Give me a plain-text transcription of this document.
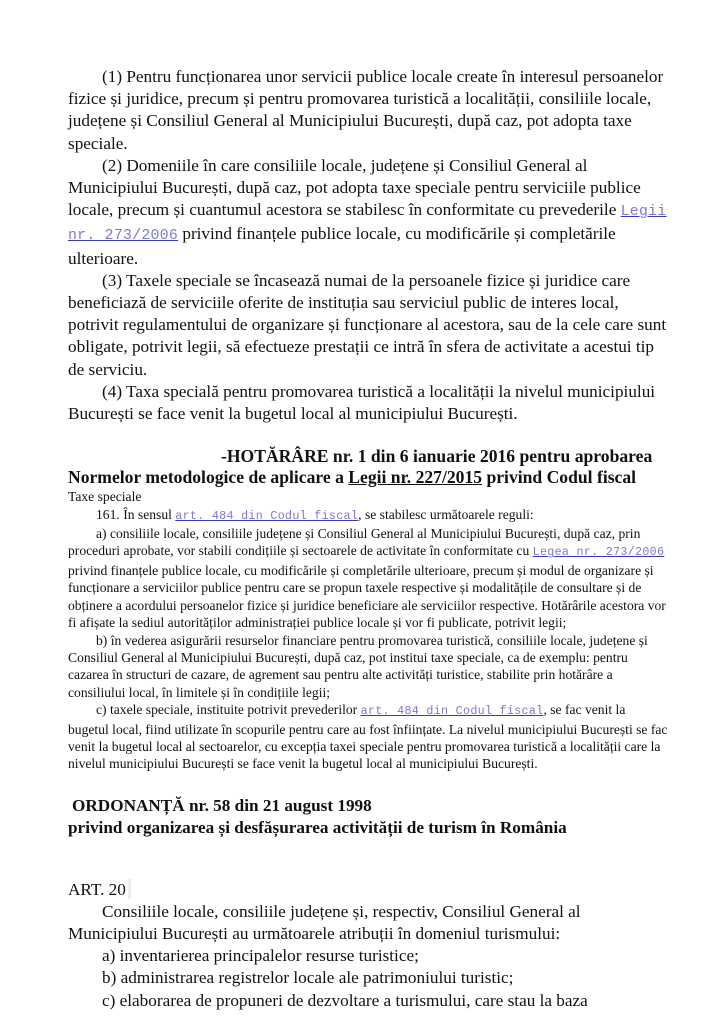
(1) Pentru funcționarea unor servicii publice locale create în interesul persoanelor fizice și juridice, precum și pentru promovarea turistică a localității, consiliile locale, județene și Consiliul General al Municipiului București, după caz, pot adopta taxe speciale.

(2) Domeniile în care consiliile locale, județene și Consiliul General al Municipiului București, după caz, pot adopta taxe speciale pentru serviciile publice locale, precum și cuantumul acestora se stabilesc în conformitate cu prevederile Legii nr. 273/2006 privind finanțele publice locale, cu modificările și completările ulterioare.

(3) Taxele speciale se încasează numai de la persoanele fizice și juridice care beneficiază de serviciile oferite de instituția sau serviciul public de interes local, potrivit regulamentului de organizare și funcționare al acestora, sau de la cele care sunt obligate, potrivit legii, să efectueze prestații ce intră în sfera de activitate a acestui tip de serviciu.

(4) Taxa specială pentru promovarea turistică a localității la nivelul municipiului București se face venit la bugetul local al municipiului București.

-HOTĂRÂRE nr. 1 din 6 ianuarie 2016 pentru aprobarea
Normelor metodologice de aplicare a Legii nr. 227/2015 privind Codul fiscal

Taxe speciale

161. În sensul art. 484 din Codul fiscal, se stabilesc următoarele reguli:

a) consiliile locale, consiliile județene și Consiliul General al Municipiului București, după caz, prin proceduri aprobate, vor stabili condițiile și sectoarele de activitate în conformitate cu Legea nr. 273/2006 privind finanțele publice locale, cu modificările și completările ulterioare, precum și modul de organizare și funcționare a serviciilor publice pentru care se propun taxele respective și modalitățile de consultare și de obținere a acordului persoanelor fizice și juridice beneficiare ale serviciilor respective. Hotărârile acestora vor fi afișate la sediul autorităților administrației publice locale și vor fi publicate, potrivit legii;

b) în vederea asigurării resurselor financiare pentru promovarea turistică, consiliile locale, județene și Consiliul General al Municipiului București, după caz, pot institui taxe speciale, ca de exemplu: pentru cazarea în structuri de cazare, de agrement sau pentru alte activități turistice, stabilite prin hotărâre a consiliului local, în limitele și în condițiile legii;

c) taxele speciale, instituite potrivit prevederilor art. 484 din Codul fiscal, se fac venit la bugetul local, fiind utilizate în scopurile pentru care au fost înființate. La nivelul municipiului București se fac venit la bugetul local al sectoarelor, cu excepția taxei speciale pentru promovarea turistică a localității care la nivelul municipiului București se face venit la bugetul local al municipiului București.

ORDONANȚĂ nr. 58 din 21 august 1998
privind organizarea și desfășurarea activității de turism în România
ART. 20

Consiliile locale, consiliile județene și, respectiv, Consiliul General al Municipiului București au următoarele atribuții în domeniul turismului:

a) inventarierea principalelor resurse turistice;

b) administrarea registrelor locale ale patrimoniului turistic;

c) elaborarea de propuneri de dezvoltare a turismului, care stau la baza
